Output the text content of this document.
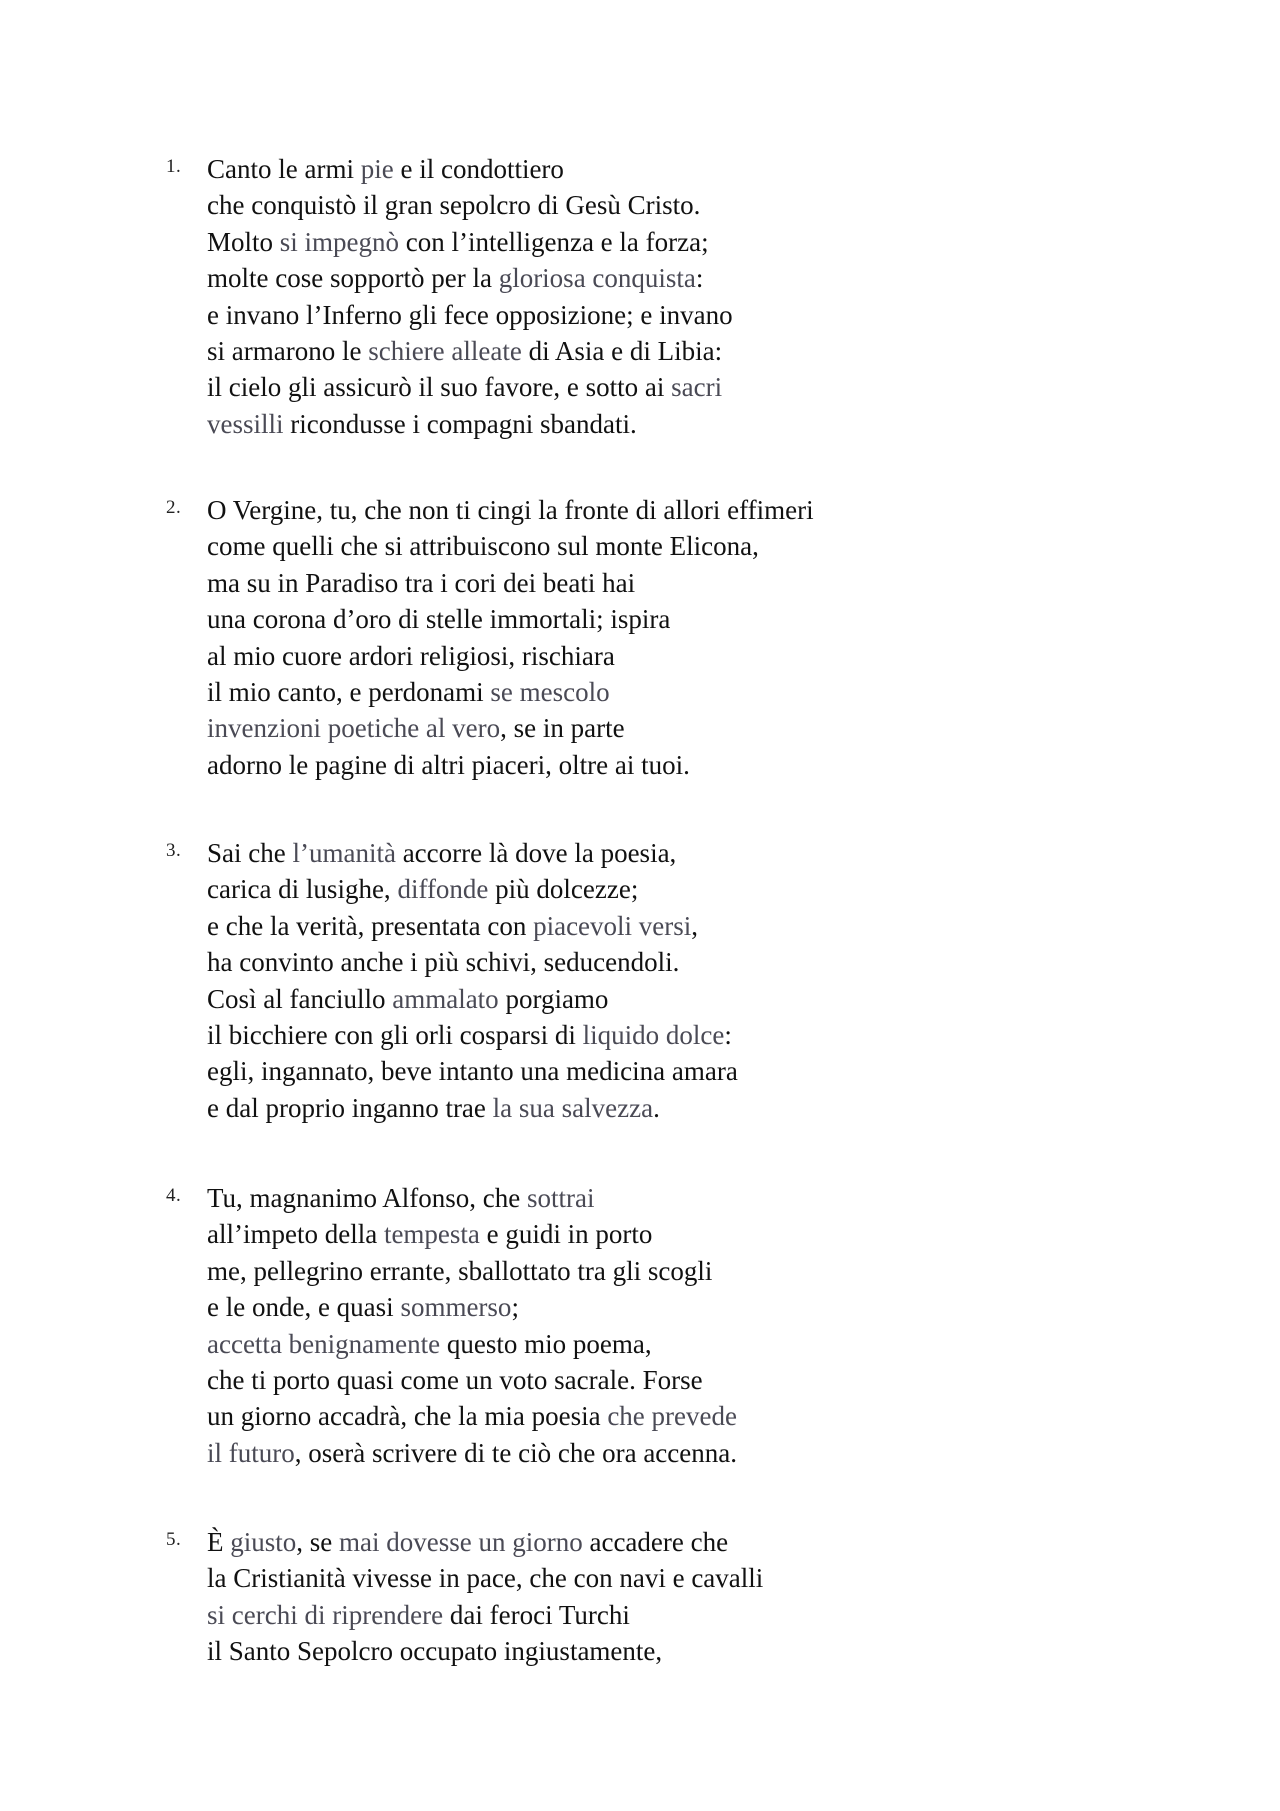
1. Canto le armi pie e il condottiero
che conquistò il gran sepolcro di Gesù Cristo.
Molto si impegnò con l’intelligenza e la forza;
molte cose sopportò per la gloriosa conquista:
e invano l’Inferno gli fece opposizione; e invano
si armarono le schiere alleate di Asia e di Libia:
il cielo gli assicurò il suo favore, e sotto ai sacri
vessilli ricondusse i compagni sbandati.
2. O Vergine, tu, che non ti cingi la fronte di allori effimeri
come quelli che si attribuiscono sul monte Elicona,
ma su in Paradiso tra i cori dei beati hai
una corona d’oro di stelle immortali; ispira
al mio cuore ardori religiosi, rischiara
il mio canto, e perdonami se mescolo
invenzioni poetiche al vero, se in parte
adorno le pagine di altri piaceri, oltre ai tuoi.
3. Sai che l’umanità accorre là dove la poesia,
carica di lusighe, diffonde più dolcezze;
e che la verità, presentata con piacevoli versi,
ha convinto anche i più schivi, seducendoli.
Così al fanciullo ammalato porgiamo
il bicchiere con gli orli cosparsi di liquido dolce:
egli, ingannato, beve intanto una medicina amara
e dal proprio inganno trae la sua salvezza.
4. Tu, magnanimo Alfonso, che sottrai
all’impeto della tempesta e guidi in porto
me, pellegrino errante, sballottato tra gli scogli
e le onde, e quasi sommerso;
accetta benignamente questo mio poema,
che ti porto quasi come un voto sacrale. Forse
un giorno accadrà, che la mia poesia che prevede
il futuro, oserà scrivere di te ciò che ora accenna.
5. È giusto, se mai dovesse un giorno accadere che
la Cristianità vivesse in pace, che con navi e cavalli
si cerchi di riprendere dai feroci Turchi
il Santo Sepolcro occupato ingiustamente,
